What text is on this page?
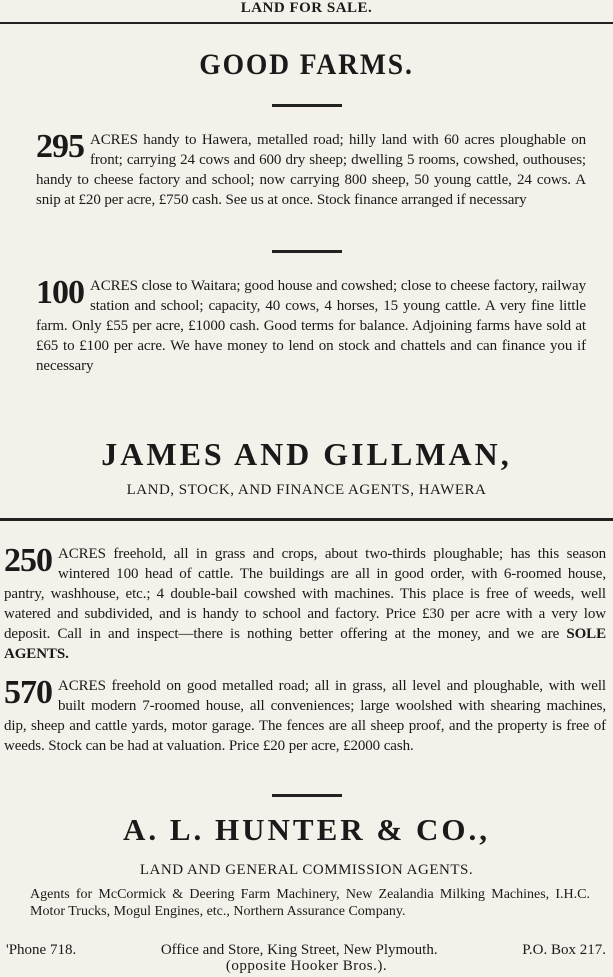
LAND FOR SALE.
GOOD FARMS.
295 ACRES handy to Hawera, metalled road; hilly land with 60 acres ploughable on front; carrying 24 cows and 600 dry sheep; dwelling 5 rooms, cowshed, outhouses; handy to cheese factory and school; now carrying 800 sheep, 50 young cattle, 24 cows. A snip at £20 per acre, £750 cash. See us at once. Stock finance arranged if necessary
100 ACRES close to Waitara; good house and cowshed; close to cheese factory, railway station and school; capacity, 40 cows, 4 horses, 15 young cattle. A very fine little farm. Only £55 per acre, £1000 cash. Good terms for balance. Adjoining farms have sold at £65 to £100 per acre. We have money to lend on stock and chattels and can finance you if necessary
JAMES AND GILLMAN,
LAND, STOCK, AND FINANCE AGENTS, HAWERA
250 ACRES freehold, all in grass and crops, about two-thirds ploughable; has this season wintered 100 head of cattle. The buildings are all in good order, with 6-roomed house, pantry, washhouse, etc.; 4 double-bail cowshed with machines. This place is free of weeds, well watered and subdivided, and is handy to school and factory. Price £30 per acre with a very low deposit. Call in and inspect—there is nothing better offering at the money, and we are SOLE AGENTS.
570 ACRES freehold on good metalled road; all in grass, all level and ploughable, with well built modern 7-roomed house, all conveniences; large woolshed with shearing machines, dip, sheep and cattle yards, motor garage. The fences are all sheep proof, and the property is free of weeds. Stock can be had at valuation. Price £20 per acre, £2000 cash.
A. L. HUNTER & CO.,
LAND AND GENERAL COMMISSION AGENTS.
Agents for McCormick & Deering Farm Machinery, New Zealandia Milking Machines, I.H.C. Motor Trucks, Mogul Engines, etc., Northern Assurance Company.
'Phone 718.	Office and Store, King Street, New Plymouth.	P.O. Box 217.
(opposite Hooker Bros.).
